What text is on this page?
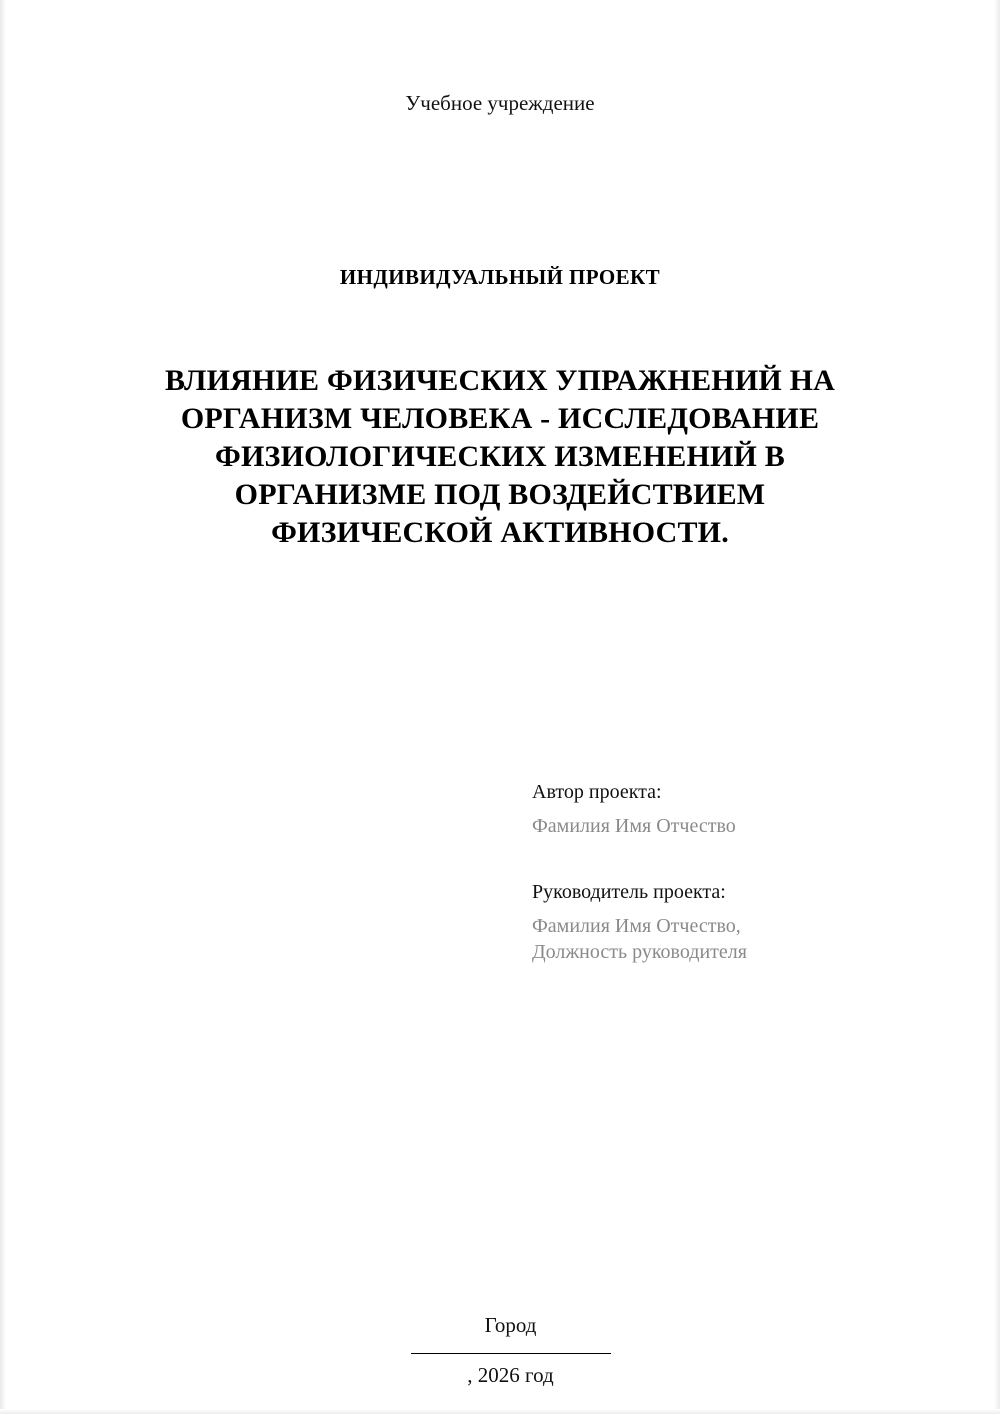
Учебное учреждение
ИНДИВИДУАЛЬНЫЙ ПРОЕКТ
ВЛИЯНИЕ ФИЗИЧЕСКИХ УПРАЖНЕНИЙ НА ОРГАНИЗМ ЧЕЛОВЕКА - ИССЛЕДОВАНИЕ ФИЗИОЛОГИЧЕСКИХ ИЗМЕНЕНИЙ В ОРГАНИЗМЕ ПОД ВОЗДЕЙСТВИЕМ ФИЗИЧЕСКОЙ АКТИВНОСТИ.

Автор проекта:

Фамилия Имя Отчество

Руководитель проекта:

Фамилия Имя Отчество,

Должность руководителя

Город

, 2026 год
